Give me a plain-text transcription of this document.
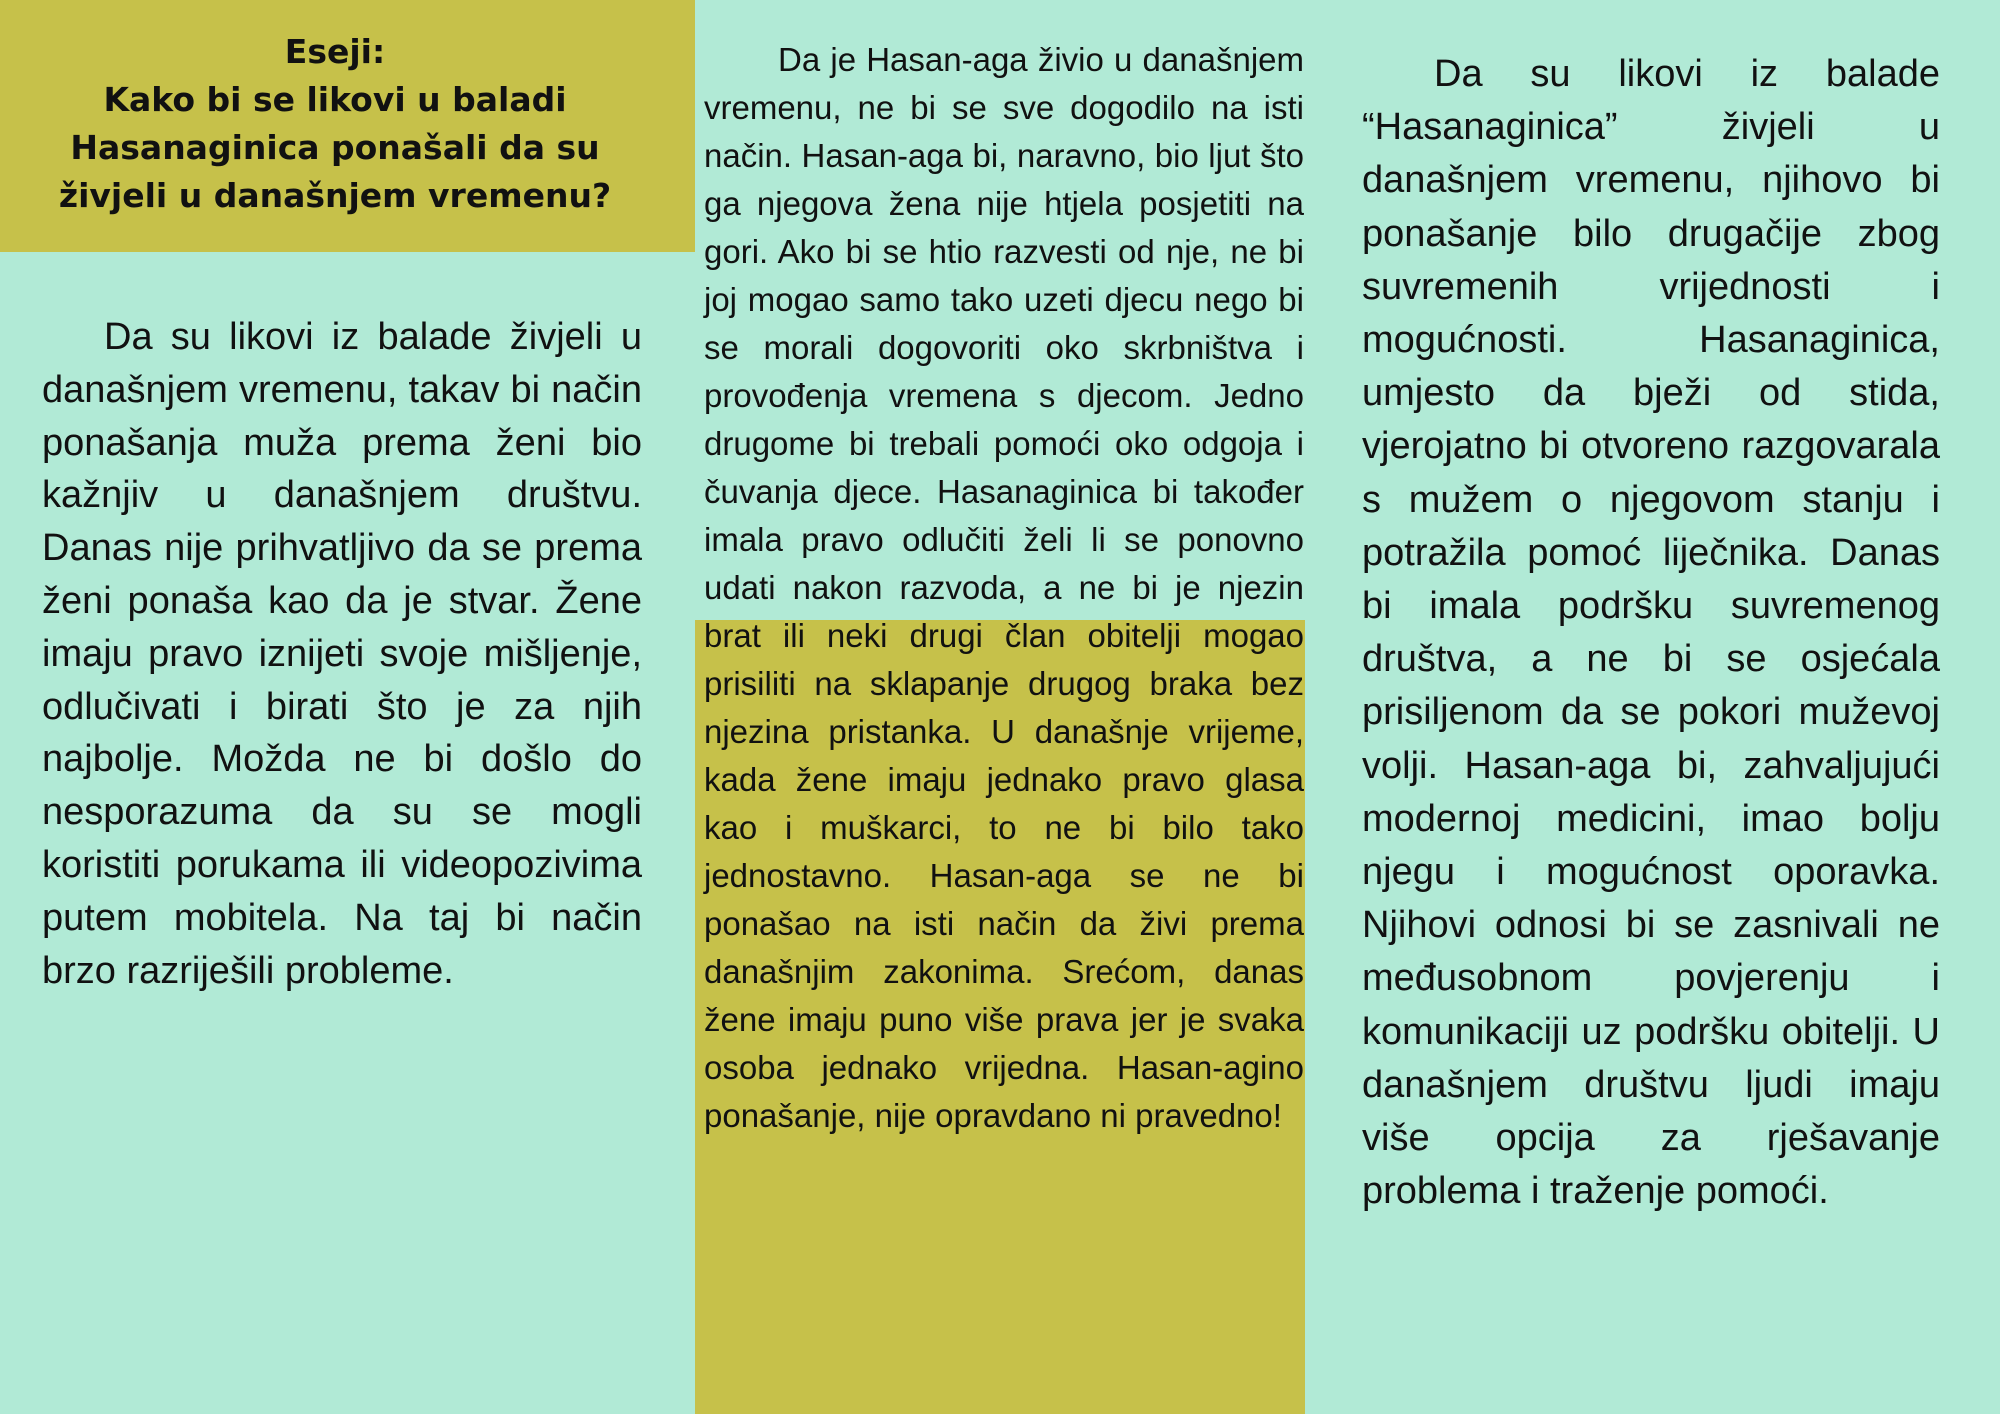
Eseji:
Kako bi se likovi u baladi
Hasanaginica ponašali da su
živjeli u današnjem vremenu?

Da su likovi iz balade živjeli u današnjem vremenu, takav bi način ponašanja muža prema ženi bio kažnjiv u današnjem društvu. Danas nije prihvatljivo da se prema ženi ponaša kao da je stvar. Žene imaju pravo iznijeti svoje mišljenje, odlučivati i birati što je za njih najbolje. Možda ne bi došlo do nesporazuma da su se mogli koristiti porukama ili videopozivima putem mobitela. Na taj bi način brzo razriješili probleme.

Da je Hasan-aga živio u današnjem vremenu, ne bi se sve dogodilo na isti način. Hasan-aga bi, naravno, bio ljut što ga njegova žena nije htjela posjetiti na gori. Ako bi se htio razvesti od nje, ne bi joj mogao samo tako uzeti djecu nego bi se morali dogovoriti oko skrbništva i provođenja vremena s djecom. Jedno drugome bi trebali pomoći oko odgoja i čuvanja djece. Hasanaginica bi također imala pravo odlučiti želi li se ponovno udati nakon razvoda, a ne bi je njezin brat ili neki drugi član obitelji mogao prisiliti na sklapanje drugog braka bez njezina pristanka. U današnje vrijeme, kada žene imaju jednako pravo glasa kao i muškarci, to ne bi bilo tako jednostavno. Hasan-aga se ne bi ponašao na isti način da živi prema današnjim zakonima. Srećom, danas žene imaju puno više prava jer je svaka osoba jednako vrijedna. Hasan-agino ponašanje, nije opravdano ni pravedno!

Da su likovi iz balade “Hasanaginica” živjeli u današnjem vremenu, njihovo bi ponašanje bilo drugačije zbog suvremenih vrijednosti i mogućnosti. Hasanaginica, umjesto da bježi od stida, vjerojatno bi otvoreno razgovarala s mužem o njegovom stanju i potražila pomoć liječnika. Danas bi imala podršku suvremenog društva, a ne bi se osjećala prisiljenom da se pokori muževoj volji. Hasan-aga bi, zahvaljujući modernoj medicini, imao bolju njegu i mogućnost oporavka. Njihovi odnosi bi se zasnivali ne međusobnom povjerenju i komunikaciji uz podršku obitelji. U današnjem društvu ljudi imaju više opcija za rješavanje problema i traženje pomoći.
